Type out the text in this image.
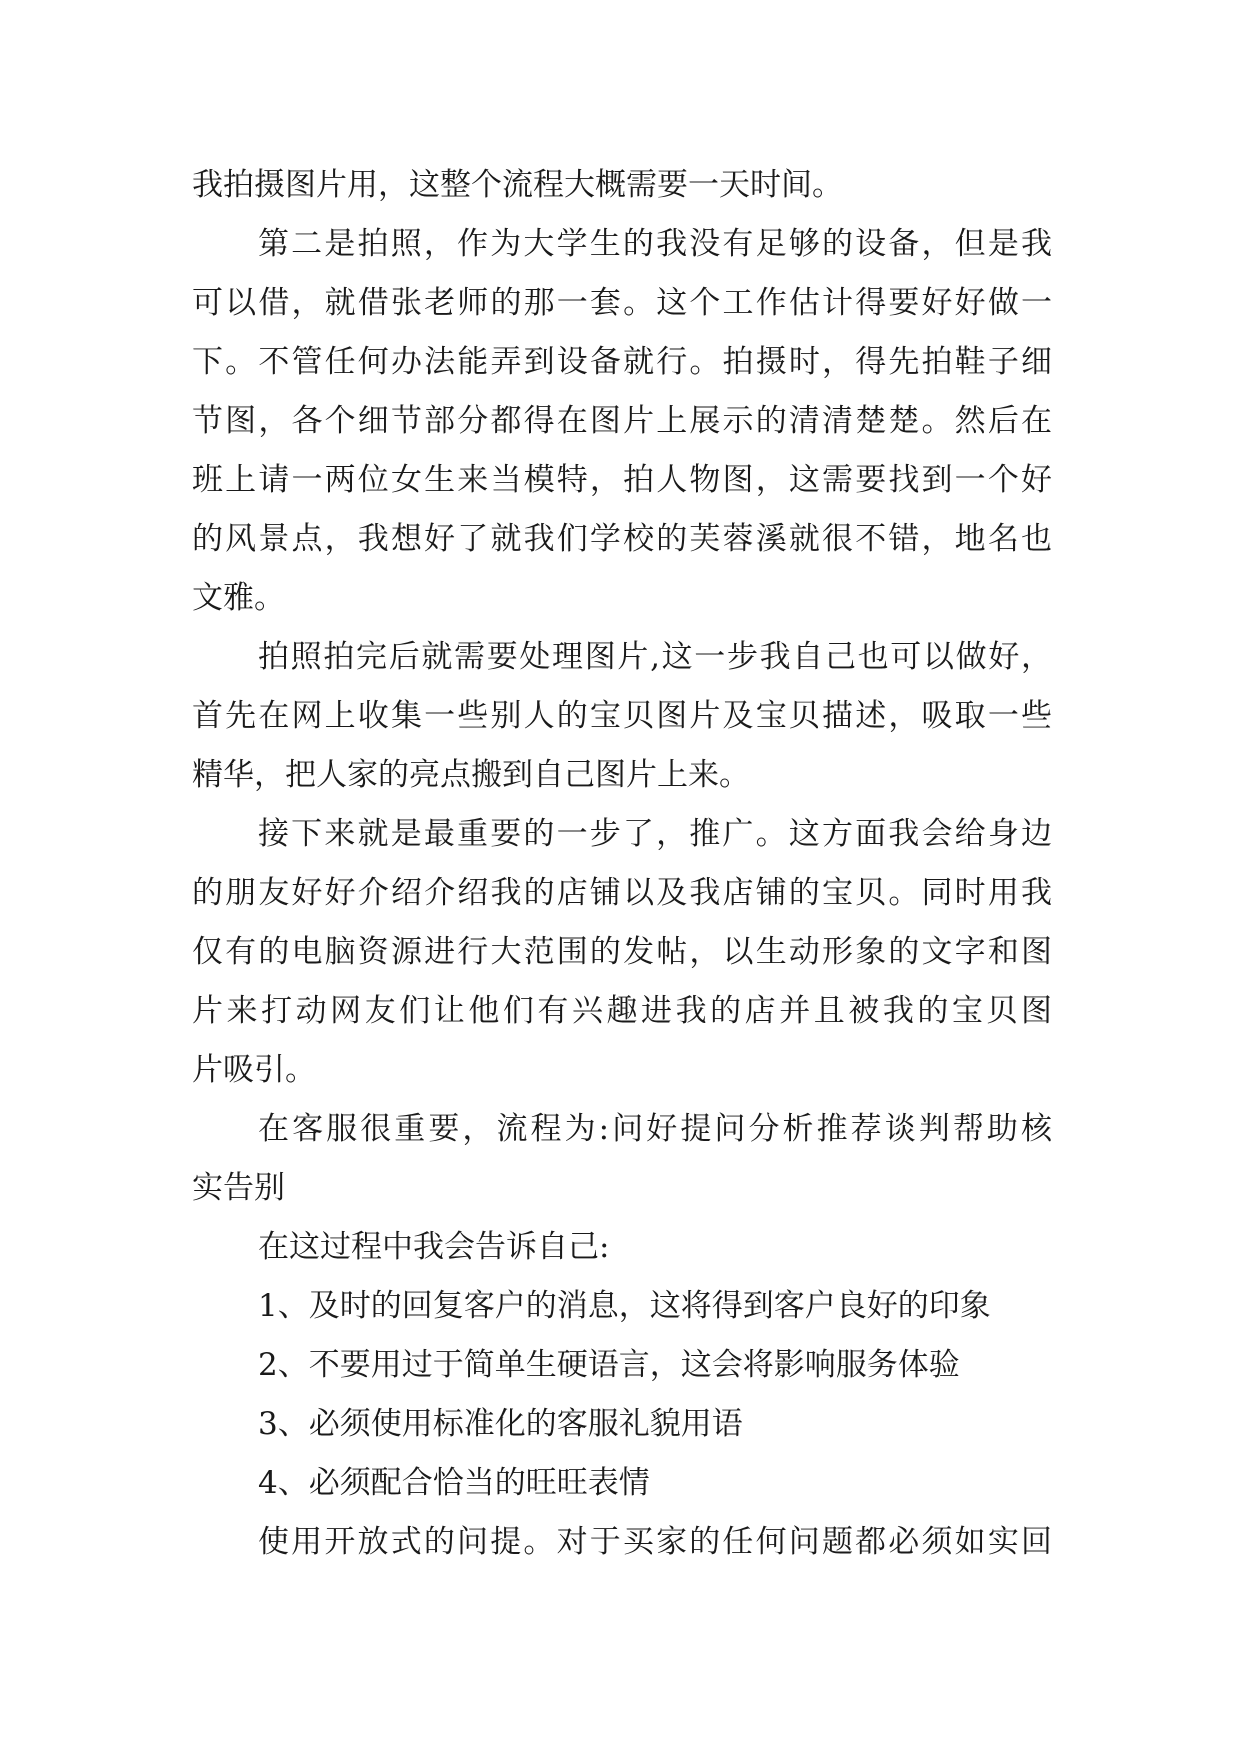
我拍摄图片用，这整个流程大概需要一天时间。
第二是拍照，作为大学生的我没有足够的设备，但是我
可以借，就借张老师的那一套。这个工作估计得要好好做一
下。不管任何办法能弄到设备就行。拍摄时，得先拍鞋子细
节图，各个细节部分都得在图片上展示的清清楚楚。然后在
班上请一两位女生来当模特，拍人物图，这需要找到一个好
的风景点，我想好了就我们学校的芙蓉溪就很不错，地名也
文雅。
拍照拍完后就需要处理图片,这一步我自己也可以做好，
首先在网上收集一些别人的宝贝图片及宝贝描述，吸取一些
精华，把人家的亮点搬到自己图片上来。
接下来就是最重要的一步了，推广。这方面我会给身边
的朋友好好介绍介绍我的店铺以及我店铺的宝贝。同时用我
仅有的电脑资源进行大范围的发帖，以生动形象的文字和图
片来打动网友们让他们有兴趣进我的店并且被我的宝贝图
片吸引。
在客服很重要，流程为:问好提问分析推荐谈判帮助核
实告别
在这过程中我会告诉自己:
1、及时的回复客户的消息，这将得到客户良好的印象
2、不要用过于简单生硬语言，这会将影响服务体验
3、必须使用标准化的客服礼貌用语
4、必须配合恰当的旺旺表情
使用开放式的问提。对于买家的任何问题都必须如实回
